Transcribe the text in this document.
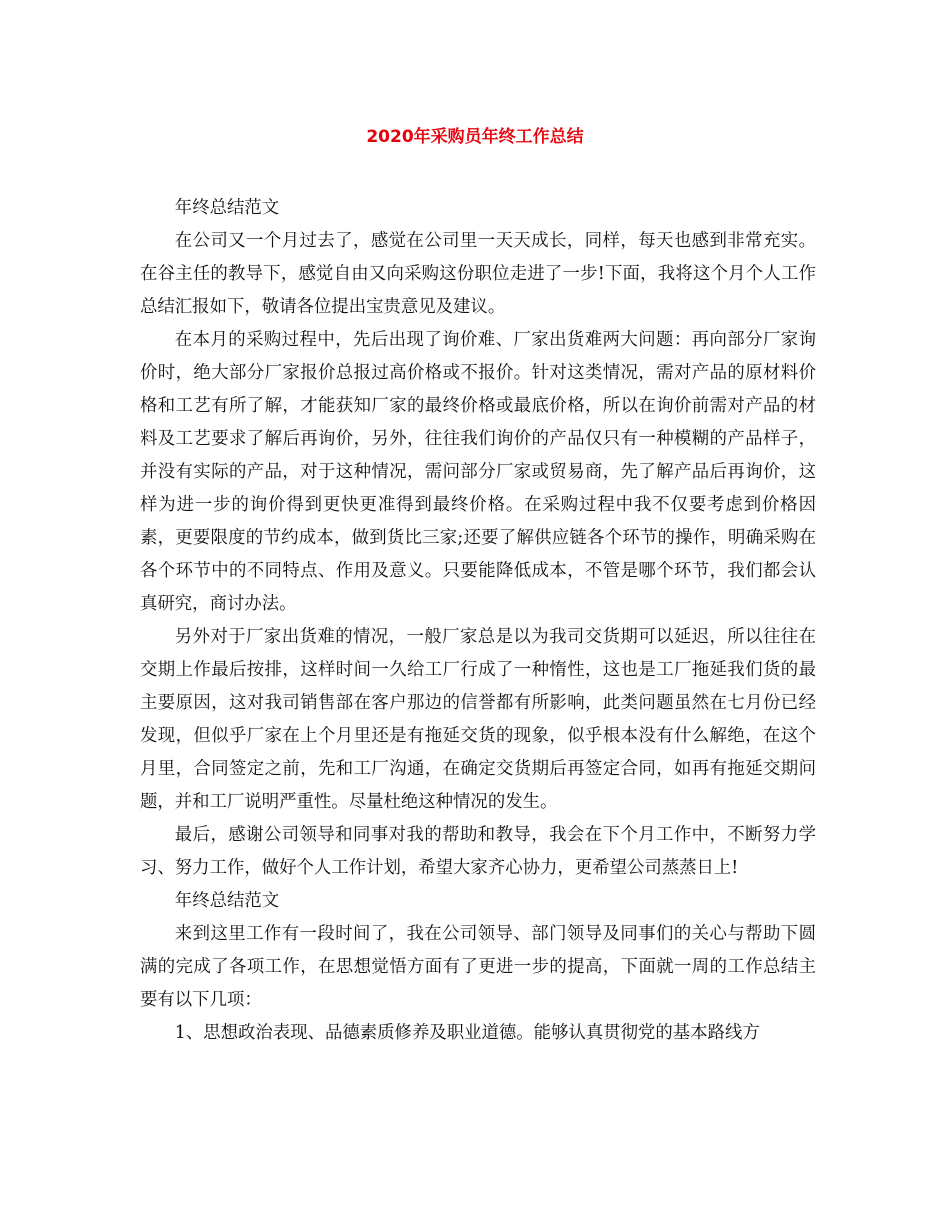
2020年采购员年终工作总结

年终总结范文

在公司又一个月过去了，感觉在公司里一天天成长，同样，每天也感到非常充实。在谷主任的教导下，感觉自由又向采购这份职位走进了一步!下面，我将这个月个人工作总结汇报如下，敬请各位提出宝贵意见及建议。

在本月的采购过程中，先后出现了询价难、厂家出货难两大问题：再向部分厂家询价时，绝大部分厂家报价总报过高价格或不报价。针对这类情况，需对产品的原材料价格和工艺有所了解，才能获知厂家的最终价格或最底价格，所以在询价前需对产品的材料及工艺要求了解后再询价，另外，往往我们询价的产品仅只有一种模糊的产品样子，并没有实际的产品，对于这种情况，需问部分厂家或贸易商，先了解产品后再询价，这样为进一步的询价得到更快更准得到最终价格。在采购过程中我不仅要考虑到价格因素，更要限度的节约成本，做到货比三家;还要了解供应链各个环节的操作，明确采购在各个环节中的不同特点、作用及意义。只要能降低成本，不管是哪个环节，我们都会认真研究，商讨办法。

另外对于厂家出货难的情况，一般厂家总是以为我司交货期可以延迟，所以往往在交期上作最后按排，这样时间一久给工厂行成了一种惰性，这也是工厂拖延我们货的最主要原因，这对我司销售部在客户那边的信誉都有所影响，此类问题虽然在七月份已经发现，但似乎厂家在上个月里还是有拖延交货的现象，似乎根本没有什么解绝，在这个月里，合同签定之前，先和工厂沟通，在确定交货期后再签定合同，如再有拖延交期问题，并和工厂说明严重性。尽量杜绝这种情况的发生。

最后，感谢公司领导和同事对我的帮助和教导，我会在下个月工作中，不断努力学习、努力工作，做好个人工作计划，希望大家齐心协力，更希望公司蒸蒸日上!

年终总结范文

来到这里工作有一段时间了，我在公司领导、部门领导及同事们的关心与帮助下圆满的完成了各项工作，在思想觉悟方面有了更进一步的提高，下面就一周的工作总结主要有以下几项：

1、思想政治表现、品德素质修养及职业道德。能够认真贯彻党的基本路线方
